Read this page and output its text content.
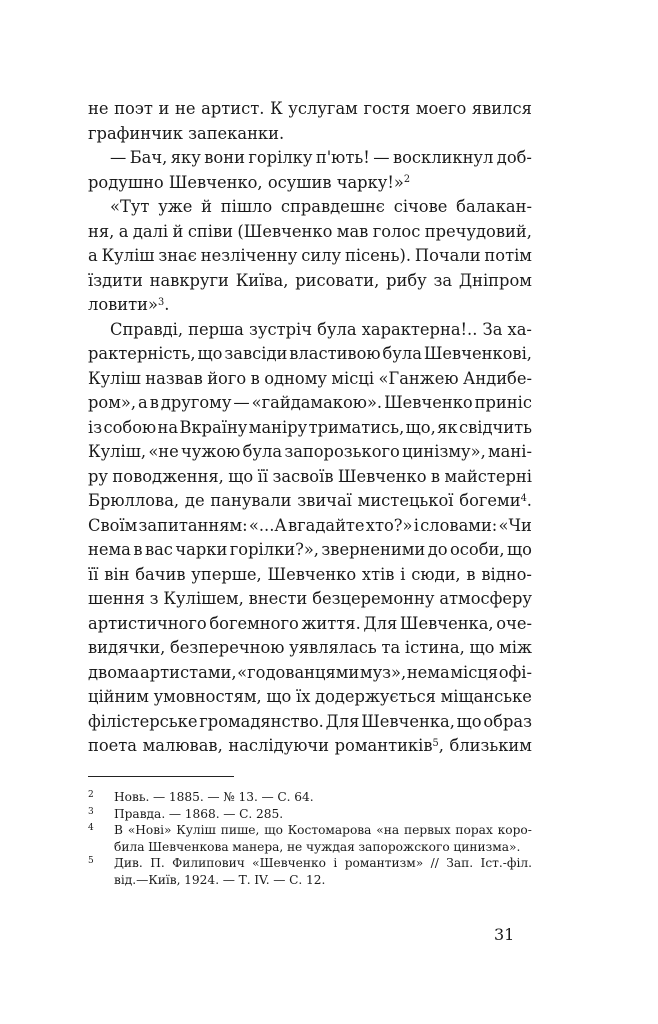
не поэт и не артист. К услугам гостя моего явился
графинчик запеканки.
— Бач, яку вони горілку п'ють! — воскликнул доб-
родушно Шевченко, осушив чарку!»$^2$
«Тут уже й пішло справдешнє січове балакан-
ня, а далі й співи (Шевченко мав голос пречудовий,
а Куліш знає незліченну силу пісень). Почали потім
їздити навкруги Київа, рисовати, рибу за Дніпром
ловити»$^3$.
Справді, перша зустріч була характерна!.. За ха-
рактерність, що завсіди властивою була Шевченкові,
Куліш назвав його в одному місці «Ганжею Андибе-
ром», а в другому — «гайдамакою». Шевченко приніс
із собою на Вкраїну маніру триматись, що, як свідчить
Куліш, «не чужою була запорозького цинізму», мані-
ру поводження, що її засвоїв Шевченко в майстерні
Брюллова, де панували звичаї мистецької богеми$^4$.
Своїм запитанням: «...А вгадайте хто?» і словами: «Чи
нема в вас чарки горілки?», зверненими до особи, що
її він бачив уперше, Шевченко хтів і сюди, в відно-
шення з Кулішем, внести безцеремонну атмосферу
артистичного богемного життя. Для Шевченка, оче-
видячки, безперечною уявлялась та істина, що між
двома артистами, «годованцями муз», нема місця офі-
ційним умовностям, що їх додержується міщанське
філістерське громадянство. Для Шевченка, що образ
поета малював, наслідуючи романтиків$^5$, близьким
2	Новь. — 1885. — № 13. — С. 64.
3	Правда. — 1868. — С. 285.
4	В «Нові» Куліш пише, що Костомарова «на первых порах коро-
била Шевченкова манера, не чуждая запорожского цинизма».
5	Див. П. Филипович «Шевченко і романтизм» // Зап. Іст.-філ.
від.—Київ, 1924. — Т. IV. — С. 12.
31
